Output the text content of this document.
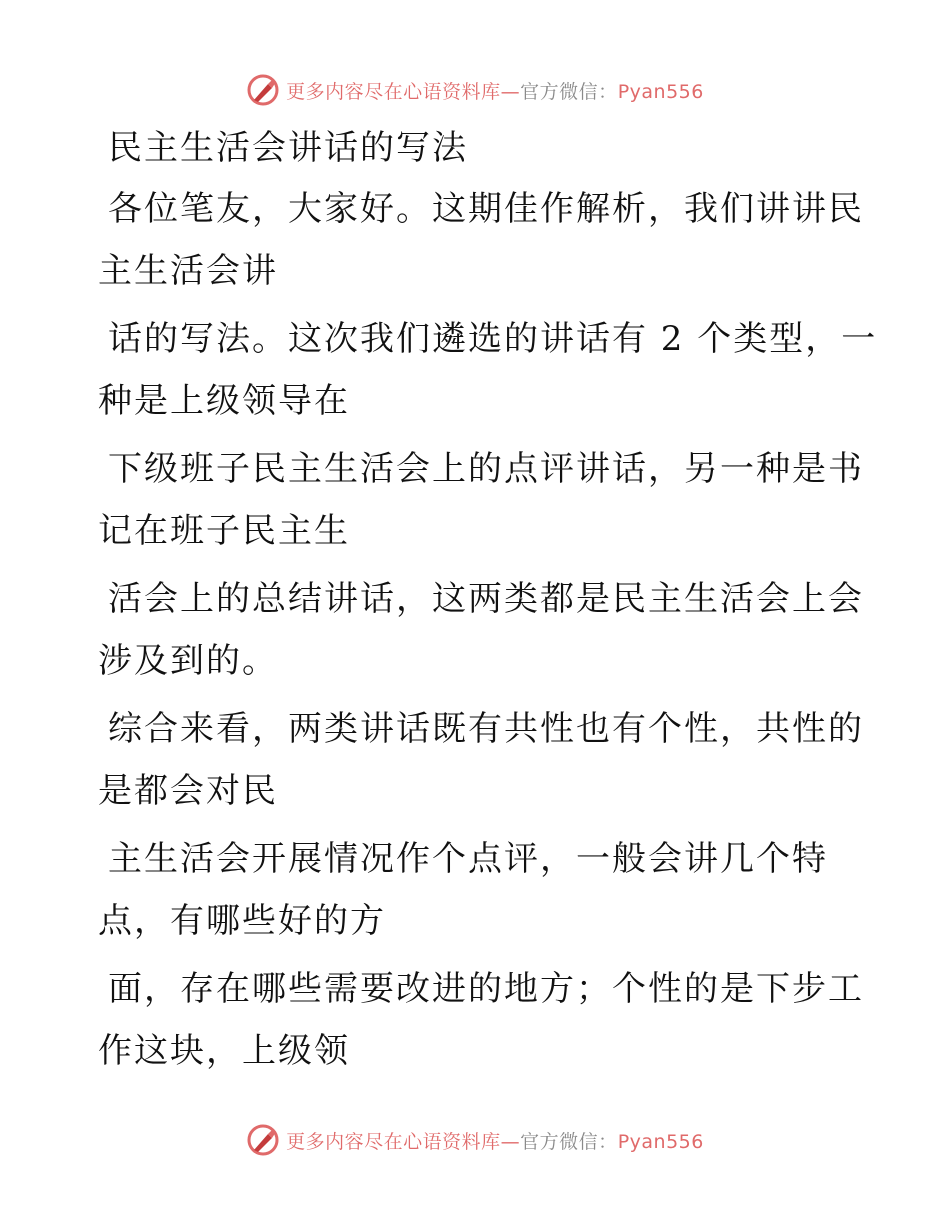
更多内容尽在心语资料库—官方微信：Pyan556
民主生活会讲话的写法

各位笔友，大家好。这期佳作解析，我们讲讲民
主生活会讲

话的写法。这次我们遴选的讲话有 2 个类型，一
种是上级领导在

下级班子民主生活会上的点评讲话，另一种是书
记在班子民主生

活会上的总结讲话，这两类都是民主生活会上会
涉及到的。

综合来看，两类讲话既有共性也有个性，共性的
是都会对民

主生活会开展情况作个点评，一般会讲几个特
点，有哪些好的方

面，存在哪些需要改进的地方；个性的是下步工
作这块，上级领

更多内容尽在心语资料库—官方微信：Pyan556
